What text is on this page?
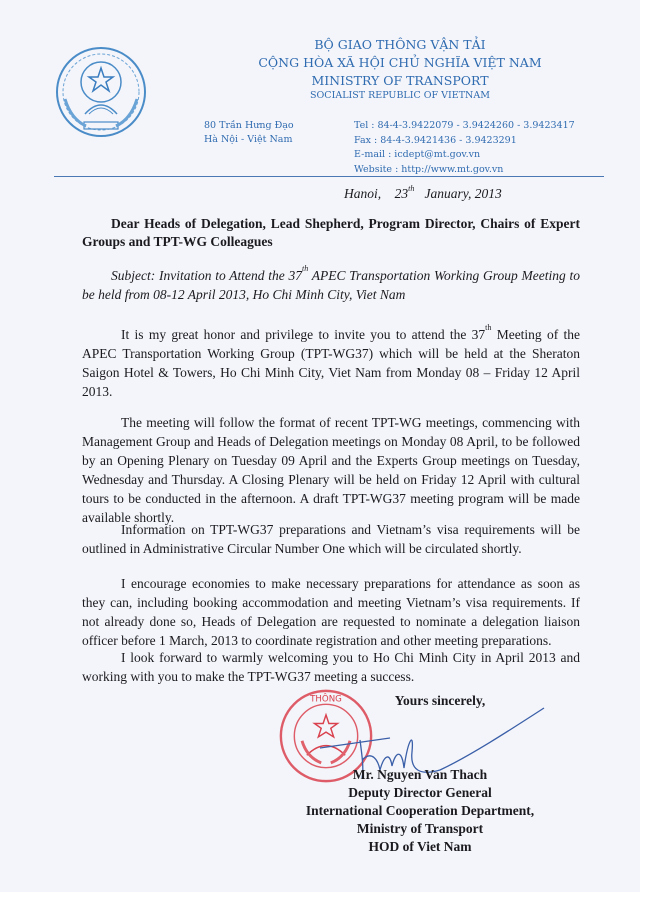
BỘ GIAO THÔNG VẬN TẢI
CỘNG HÒA XÃ HỘI CHỦ NGHĨA VIỆT NAM
MINISTRY OF TRANSPORT
SOCIALIST REPUBLIC OF VIETNAM
80 Trần Hưng Đạo
Hà Nội - Việt Nam
Tel : 84-4-3.9422079 - 3.9424260 - 3.9423417
Fax : 84-4-3.9421436 - 3.9423291
E-mail : icdept@mt.gov.vn
Website : http://www.mt.gov.vn
Hanoi, 23th January, 2013
Dear Heads of Delegation, Lead Shepherd, Program Director, Chairs of Expert Groups and TPT-WG Colleagues
Subject: Invitation to Attend the 37th APEC Transportation Working Group Meeting to be held from 08-12 April 2013, Ho Chi Minh City, Viet Nam
It is my great honor and privilege to invite you to attend the 37th Meeting of the APEC Transportation Working Group (TPT-WG37) which will be held at the Sheraton Saigon Hotel & Towers, Ho Chi Minh City, Viet Nam from Monday 08 – Friday 12 April 2013.
The meeting will follow the format of recent TPT-WG meetings, commencing with Management Group and Heads of Delegation meetings on Monday 08 April, to be followed by an Opening Plenary on Tuesday 09 April and the Experts Group meetings on Tuesday, Wednesday and Thursday. A Closing Plenary will be held on Friday 12 April with cultural tours to be conducted in the afternoon. A draft TPT-WG37 meeting program will be made available shortly.
Information on TPT-WG37 preparations and Vietnam’s visa requirements will be outlined in Administrative Circular Number One which will be circulated shortly.
I encourage economies to make necessary preparations for attendance as soon as they can, including booking accommodation and meeting Vietnam’s visa requirements. If not already done so, Heads of Delegation are requested to nominate a delegation liaison officer before 1 March, 2013 to coordinate registration and other meeting preparations.
I look forward to warmly welcoming you to Ho Chi Minh City in April 2013 and working with you to make the TPT-WG37 meeting a success.
THÔNG	Yours sincerely,
Mr. Nguyen Van Thach
Deputy Director General
International Cooperation Department,
Ministry of Transport
HOD of Viet Nam
